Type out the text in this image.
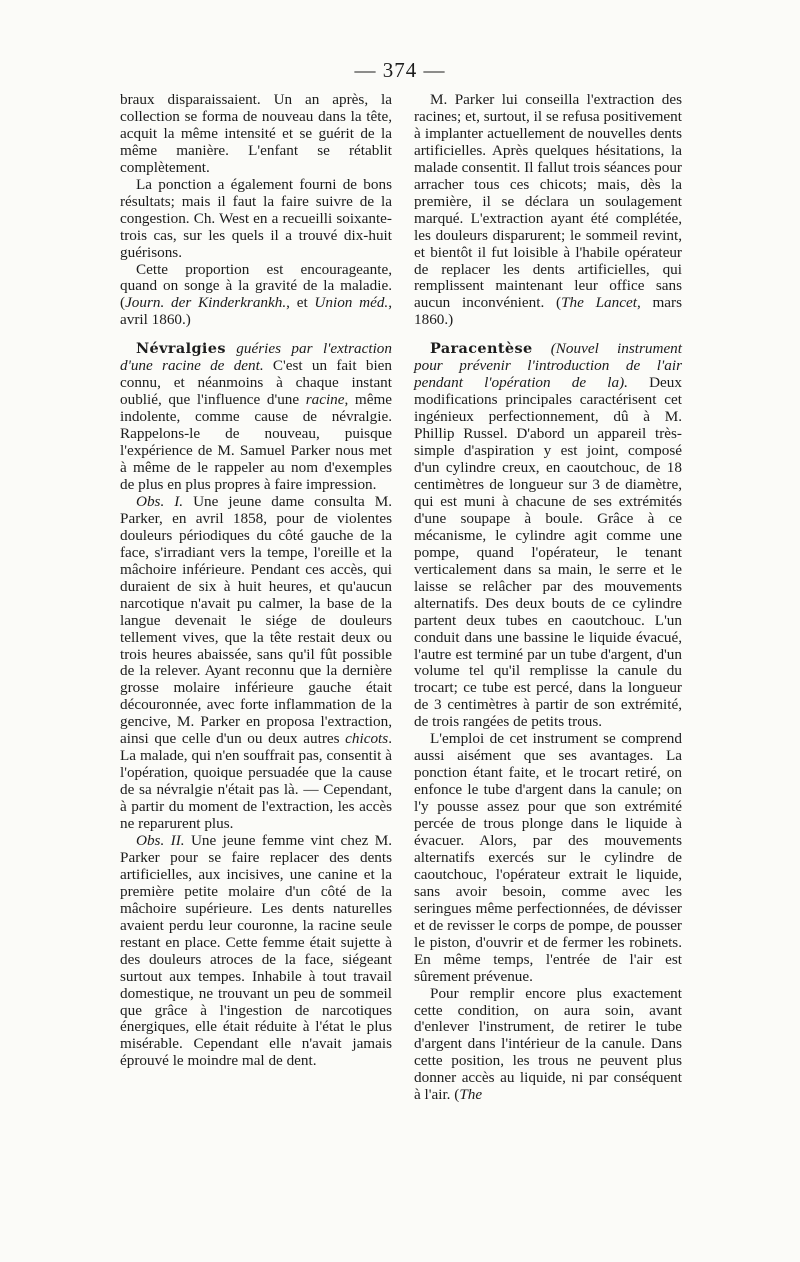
— 374 —

braux disparaissaient. Un an après, la collection se forma de nouveau dans la tête, acquit la même intensité et se guérit de la même manière. L'enfant se rétablit complètement.

La ponction a également fourni de bons résultats; mais il faut la faire suivre de la congestion. Ch. West en a recueilli soixante-trois cas, sur les quels il a trouvé dix-huit guérisons.

Cette proportion est encourageante, quand on songe à la gravité de la maladie. (Journ. der Kinderkrankh., et Union méd., avril 1860.)

Névralgies guéries par l'extraction d'une racine de dent. C'est un fait bien connu, et néanmoins à chaque instant oublié, que l'influence d'une racine, même indolente, comme cause de névralgie. Rappelons-le de nouveau, puisque l'expérience de M. Samuel Parker nous met à même de le rappeler au nom d'exemples de plus en plus propres à faire impression.

Obs. I. Une jeune dame consulta M. Parker, en avril 1858, pour de violentes douleurs périodiques du côté gauche de la face, s'irradiant vers la tempe, l'oreille et la mâchoire inférieure. Pendant ces accès, qui duraient de six à huit heures, et qu'aucun narcotique n'avait pu calmer, la base de la langue devenait le siége de douleurs tellement vives, que la tête restait deux ou trois heures abaissée, sans qu'il fût possible de la relever. Ayant reconnu que la dernière grosse molaire inférieure gauche était découronnée, avec forte inflammation de la gencive, M. Parker en proposa l'extraction, ainsi que celle d'un ou deux autres chicots. La malade, qui n'en souffrait pas, consentit à l'opération, quoique persuadée que la cause de sa névralgie n'était pas là. — Cependant, à partir du moment de l'extraction, les accès ne reparurent plus.

Obs. II. Une jeune femme vint chez M. Parker pour se faire replacer des dents artificielles, aux incisives, une canine et la première petite molaire d'un côté de la mâchoire supérieure. Les dents naturelles avaient perdu leur couronne, la racine seule restant en place. Cette femme était sujette à des douleurs atroces de la face, siégeant surtout aux tempes. Inhabile à tout travail domestique, ne trouvant un peu de sommeil que grâce à l'ingestion de narcotiques énergiques, elle était réduite à l'état le plus misérable. Cependant elle n'avait jamais éprouvé le moindre mal de dent.

M. Parker lui conseilla l'extraction des racines; et, surtout, il se refusa positivement à implanter actuellement de nouvelles dents artificielles. Après quelques hésitations, la malade consentit. Il fallut trois séances pour arracher tous ces chicots; mais, dès la première, il se déclara un soulagement marqué. L'extraction ayant été complétée, les douleurs disparurent; le sommeil revint, et bientôt il fut loisible à l'habile opérateur de replacer les dents artificielles, qui remplissent maintenant leur office sans aucun inconvénient. (The Lancet, mars 1860.)

Paracentèse (Nouvel instrument pour prévenir l'introduction de l'air pendant l'opération de la). Deux modifications principales caractérisent cet ingénieux perfectionnement, dû à M. Phillip Russel. D'abord un appareil très-simple d'aspiration y est joint, composé d'un cylindre creux, en caoutchouc, de 18 centimètres de longueur sur 3 de diamètre, qui est muni à chacune de ses extrémités d'une soupape à boule. Grâce à ce mécanisme, le cylindre agit comme une pompe, quand l'opérateur, le tenant verticalement dans sa main, le serre et le laisse se relâcher par des mouvements alternatifs. Des deux bouts de ce cylindre partent deux tubes en caoutchouc. L'un conduit dans une bassine le liquide évacué, l'autre est terminé par un tube d'argent, d'un volume tel qu'il remplisse la canule du trocart; ce tube est percé, dans la longueur de 3 centimètres à partir de son extrémité, de trois rangées de petits trous.

L'emploi de cet instrument se comprend aussi aisément que ses avantages. La ponction étant faite, et le trocart retiré, on enfonce le tube d'argent dans la canule; on l'y pousse assez pour que son extrémité percée de trous plonge dans le liquide à évacuer. Alors, par des mouvements alternatifs exercés sur le cylindre de caoutchouc, l'opérateur extrait le liquide, sans avoir besoin, comme avec les seringues même perfectionnées, de dévisser et de revisser le corps de pompe, de pousser le piston, d'ouvrir et de fermer les robinets. En même temps, l'entrée de l'air est sûrement prévenue.

Pour remplir encore plus exactement cette condition, on aura soin, avant d'enlever l'instrument, de retirer le tube d'argent dans l'intérieur de la canule. Dans cette position, les trous ne peuvent plus donner accès au liquide, ni par conséquent à l'air. (The
